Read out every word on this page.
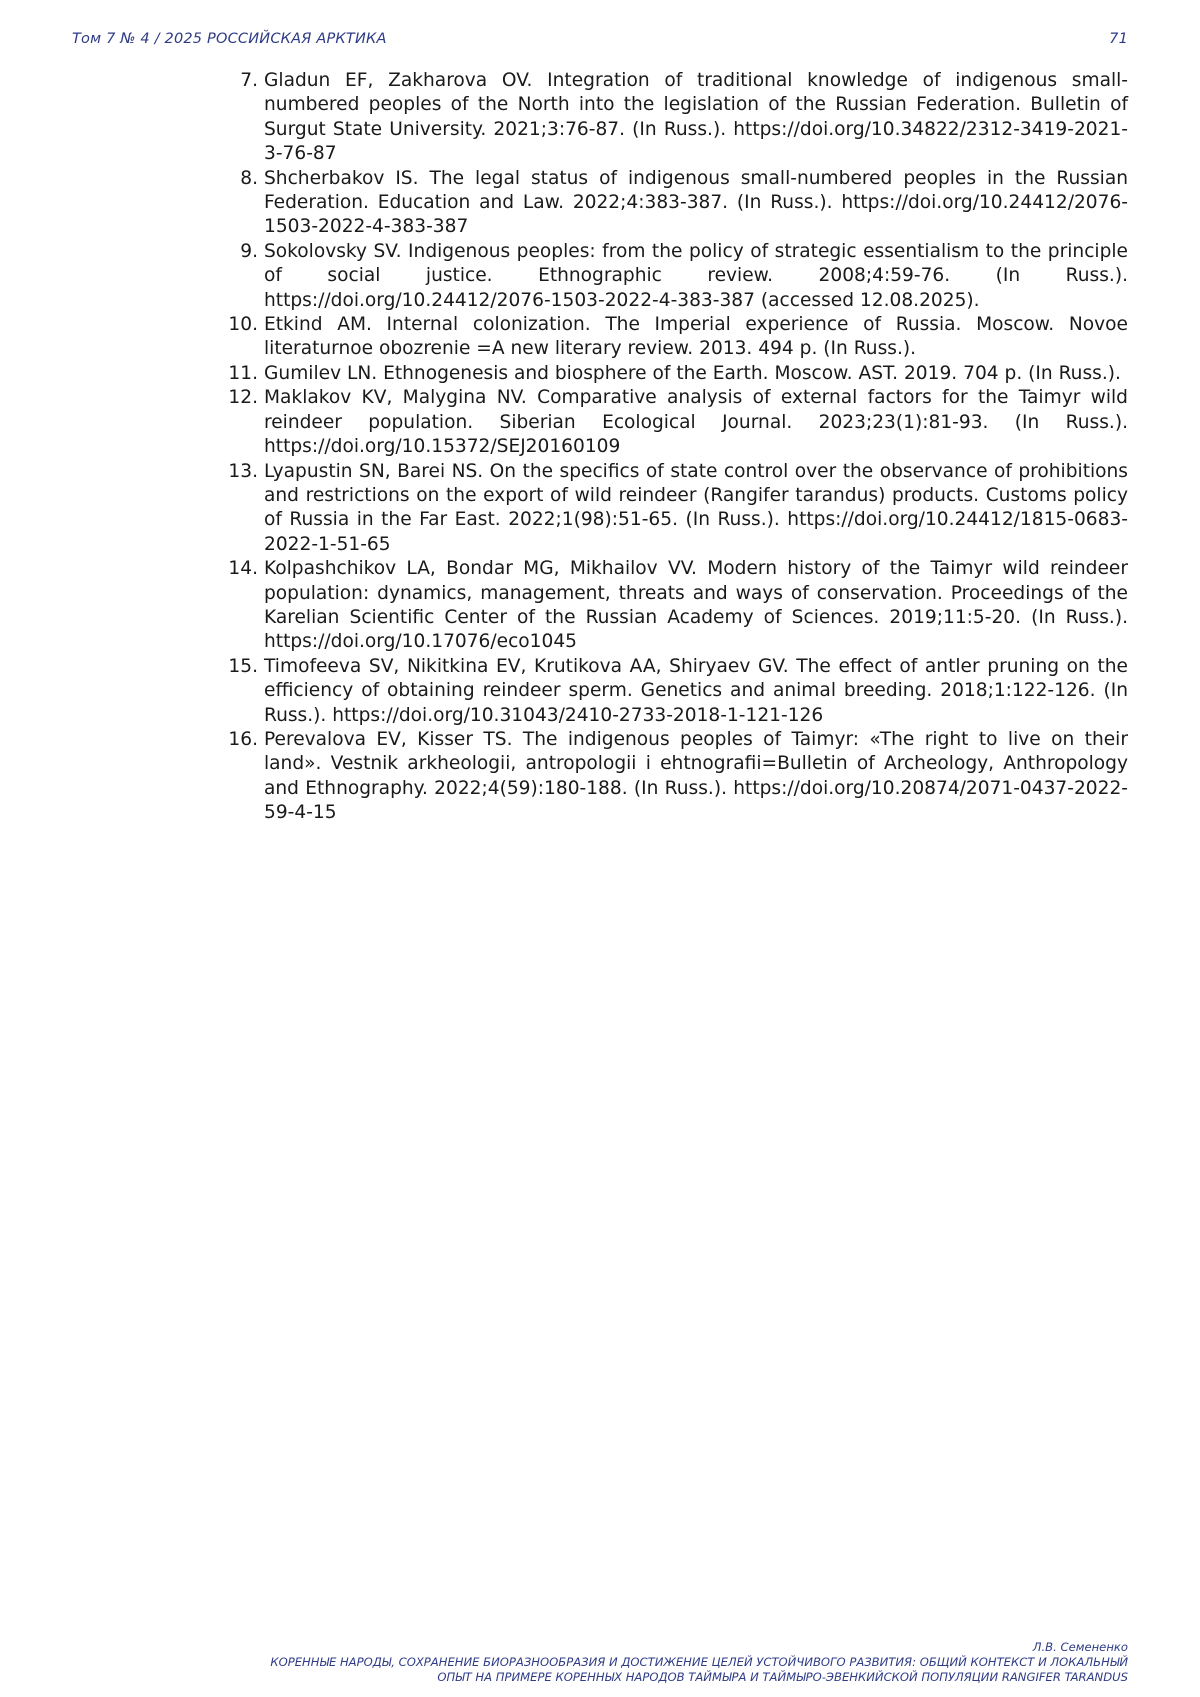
Том 7 № 4 / 2025 РОССИЙСКАЯ АРКТИКА	71
7. Gladun EF, Zakharova OV. Integration of traditional knowledge of indigenous small-numbered peoples of the North into the legislation of the Russian Federation. Bulletin of Surgut State University. 2021;3:76-87. (In Russ.). https://doi.org/10.34822/2312-3419-2021-3-76-87
8. Shcherbakov IS. The legal status of indigenous small-numbered peoples in the Russian Federation. Education and Law. 2022;4:383-387. (In Russ.). https://doi.org/10.24412/2076-1503-2022-4-383-387
9. Sokolovsky SV. Indigenous peoples: from the policy of strategic essentialism to the principle of social justice. Ethnographic review. 2008;4:59-76. (In Russ.). https://doi.org/10.24412/2076-1503-2022-4-383-387 (accessed 12.08.2025).
10. Etkind AM. Internal colonization. The Imperial experience of Russia. Moscow. Novoe literaturnoe obozrenie =A new literary review. 2013. 494 p. (In Russ.).
11. Gumilev LN. Ethnogenesis and biosphere of the Earth. Moscow. AST. 2019. 704 p. (In Russ.).
12. Maklakov KV, Malygina NV. Comparative analysis of external factors for the Taimyr wild reindeer population. Siberian Ecological Journal. 2023;23(1):81-93. (In Russ.). https://doi.org/10.15372/SEJ20160109
13. Lyapustin SN, Barei NS. On the specifics of state control over the observance of prohibitions and restrictions on the export of wild reindeer (Rangifer tarandus) products. Customs policy of Russia in the Far East. 2022;1(98):51-65. (In Russ.). https://doi.org/10.24412/1815-0683-2022-1-51-65
14. Kolpashchikov LA, Bondar MG, Mikhailov VV. Modern history of the Taimyr wild reindeer population: dynamics, management, threats and ways of conservation. Proceedings of the Karelian Scientific Center of the Russian Academy of Sciences. 2019;11:5-20. (In Russ.). https://doi.org/10.17076/eco1045
15. Timofeeva SV, Nikitkina EV, Krutikova AA, Shiryaev GV. The effect of antler pruning on the efficiency of obtaining reindeer sperm. Genetics and animal breeding. 2018;1:122-126. (In Russ.). https://doi.org/10.31043/2410-2733-2018-1-121-126
16. Perevalova EV, Kisser TS. The indigenous peoples of Taimyr: «The right to live on their land». Vestnik arkheologii, antropologii i ehtnografii=Bulletin of Archeology, Anthropology and Ethnography. 2022;4(59):180-188. (In Russ.). https://doi.org/10.20874/2071-0437-2022-59-4-15
Л.В. Семененко
КОРЕННЫЕ НАРОДЫ, СОХРАНЕНИЕ БИОРАЗНООБРАЗИЯ И ДОСТИЖЕНИЕ ЦЕЛЕЙ УСТОЙЧИВОГО РАЗВИТИЯ: ОБЩИЙ КОНТЕКСТ И ЛОКАЛЬНЫЙ
ОПЫТ НА ПРИМЕРЕ КОРЕННЫХ НАРОДОВ ТАЙМЫРА И ТАЙМЫРО-ЭВЕНКИЙСКОЙ ПОПУЛЯЦИИ RANGIFER TARANDUS
